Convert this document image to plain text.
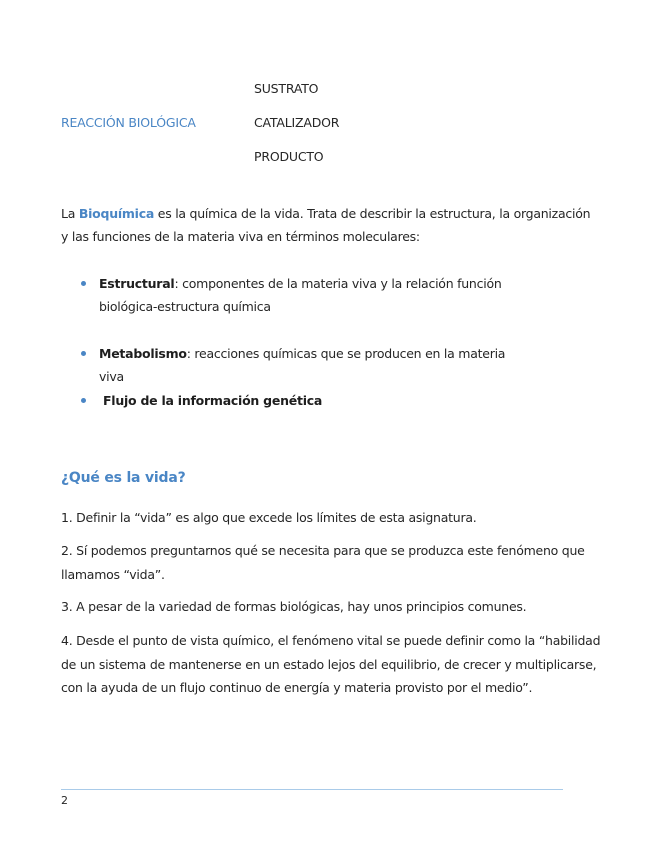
REACCIÓN BIOLÓGICA
SUSTRATO
CATALIZADOR
PRODUCTO

La Bioquímica es la química de la vida. Trata de describir la estructura, la organización y las funciones de la materia viva en términos moleculares:

Estructural: componentes de la materia viva y la relación función biológica-estructura química
Metabolismo: reacciones químicas que se producen en la materia viva
Flujo de la información genética
¿Qué es la vida?

1. Definir la “vida” es algo que excede los límites de esta asignatura.

2. Sí podemos preguntarnos qué se necesita para que se produzca este fenómeno que llamamos “vida”.

3. A pesar de la variedad de formas biológicas, hay unos principios comunes.

4. Desde el punto de vista químico, el fenómeno vital se puede definir como la “habilidad de un sistema de mantenerse en un estado lejos del equilibrio, de crecer y multiplicarse, con la ayuda de un flujo continuo de energía y materia provisto por el medio”.

2
